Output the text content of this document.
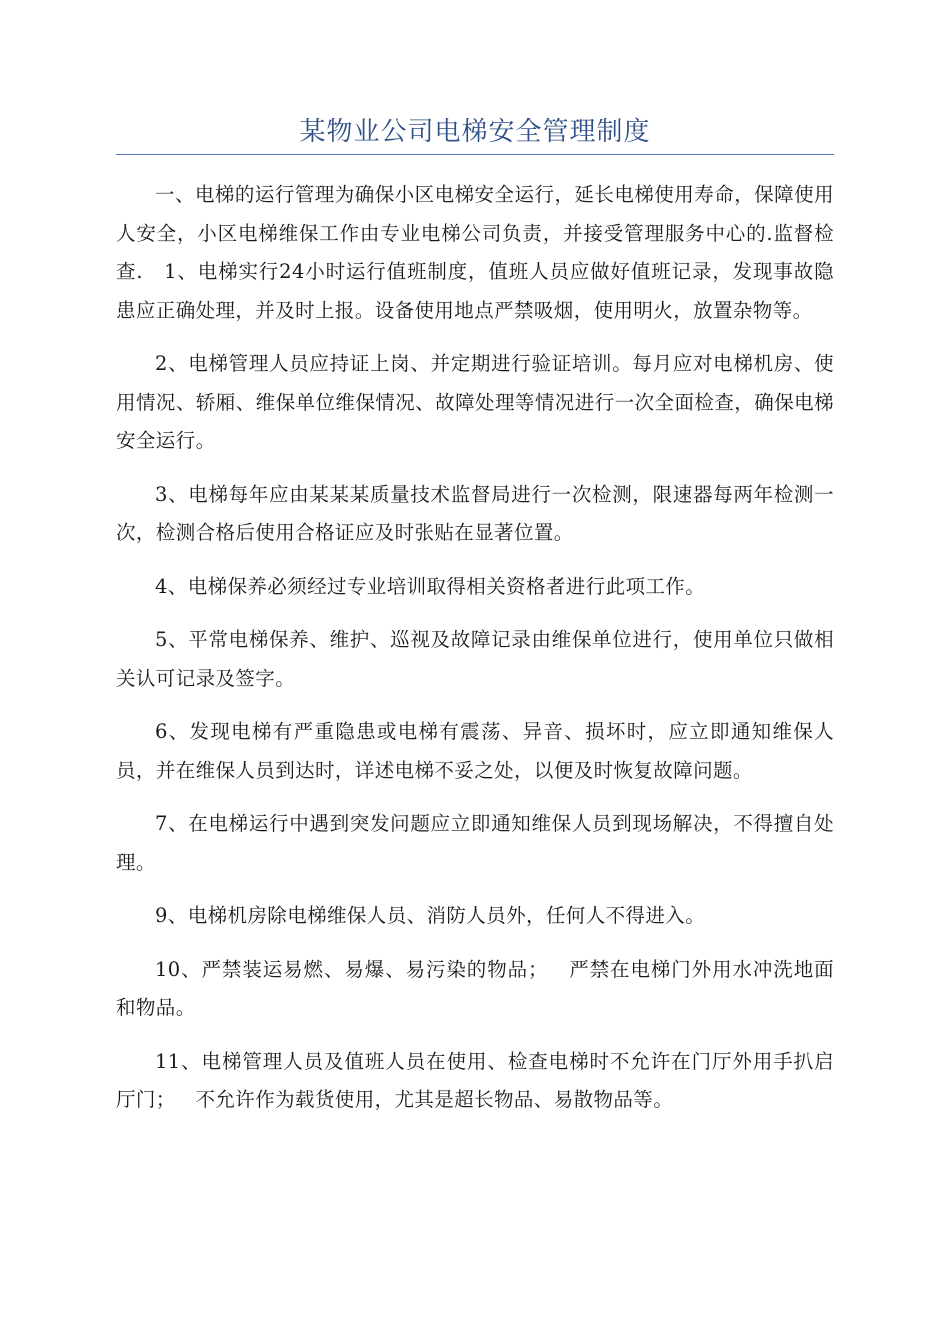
某物业公司电梯安全管理制度

一、电梯的运行管理为确保小区电梯安全运行，延长电梯使用寿命，保障使用人安全，小区电梯维保工作由专业电梯公司负责，并接受管理服务中心的.监督检查.   1、电梯实行24小时运行值班制度，值班人员应做好值班记录，发现事故隐患应正确处理，并及时上报。设备使用地点严禁吸烟，使用明火，放置杂物等。

2、电梯管理人员应持证上岗、并定期进行验证培训。每月应对电梯机房、使用情况、轿厢、维保单位维保情况、故障处理等情况进行一次全面检查，确保电梯安全运行。

3、电梯每年应由某某某质量技术监督局进行一次检测，限速器每两年检测一次，检测合格后使用合格证应及时张贴在显著位置。

4、电梯保养必须经过专业培训取得相关资格者进行此项工作。

5、平常电梯保养、维护、巡视及故障记录由维保单位进行，使用单位只做相关认可记录及签字。

6、发现电梯有严重隐患或电梯有震荡、异音、损坏时，应立即通知维保人员，并在维保人员到达时，详述电梯不妥之处，以便及时恢复故障问题。

7、在电梯运行中遇到突发问题应立即通知维保人员到现场解决，不得擅自处理。

9、电梯机房除电梯维保人员、消防人员外，任何人不得进入。

10、严禁装运易燃、易爆、易污染的物品；   严禁在电梯门外用水冲洗地面和物品。

11、电梯管理人员及值班人员在使用、检查电梯时不允许在门厅外用手扒启厅门；   不允许作为载货使用，尤其是超长物品、易散物品等。
